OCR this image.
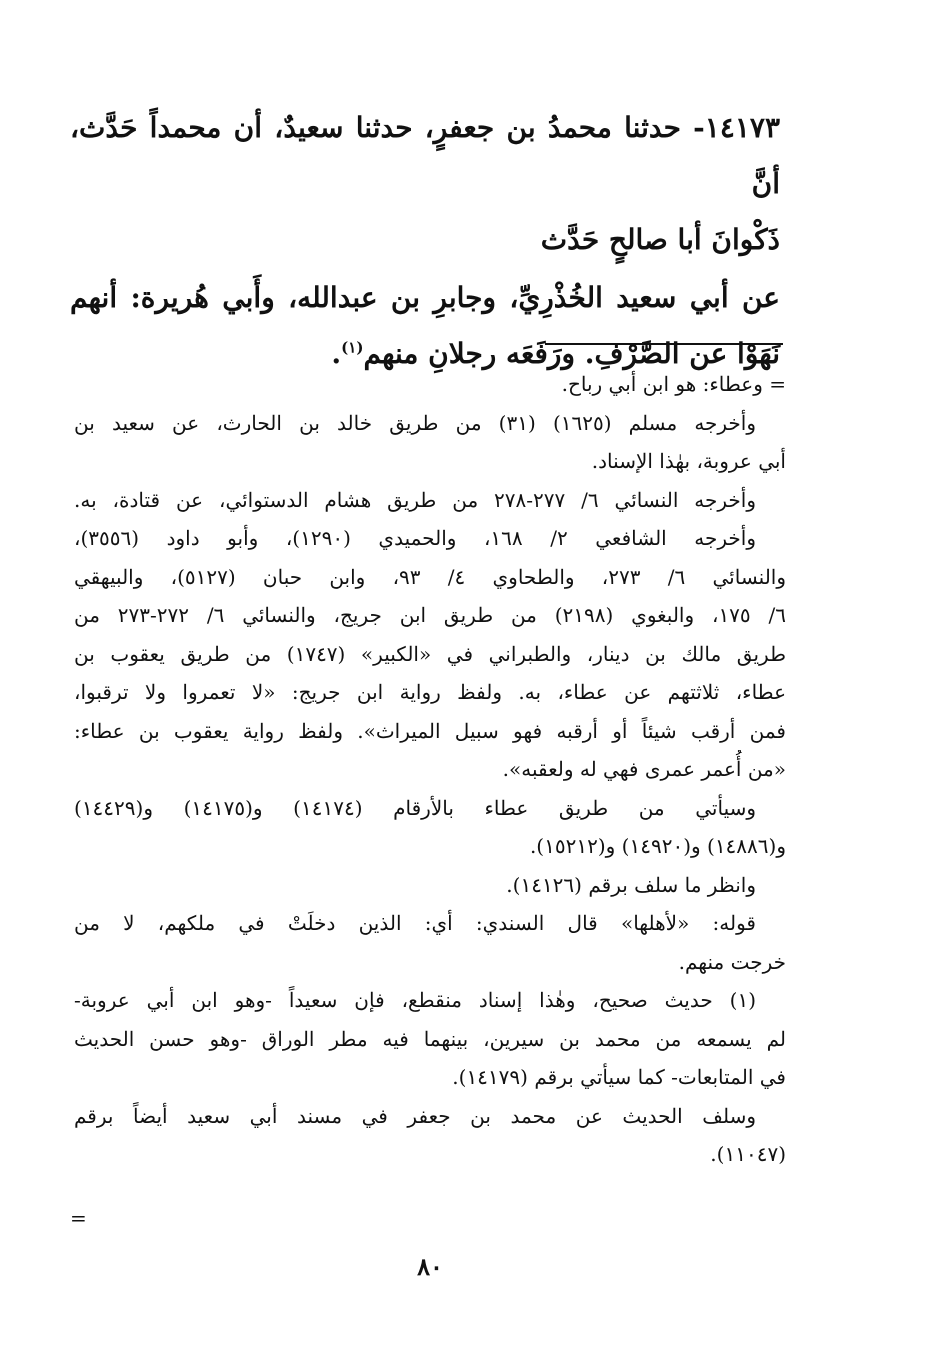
١٤١٧٣- حدثنا محمدُ بن جعفرٍ، حدثنا سعيدٌ، أن محمداً حَدَّث، أنَّ

ذَكْوانَ أبا صالحٍ حَدَّث

عن أبي سعيد الخُذْرِيِّ، وجابرِ بن عبدالله، وأَبي هُريرة: أنهم

نَهَوْا عن الصَّرْفِ. ورَفَعَه رجلانِ منهم$^{(١)}$.

= وعطاء: هو ابن أبي رباح.

وأخرجه مسلم (١٦٢٥) (٣١) من طريق خالد بن الحارث، عن سعيد بن

أبي عروبة، بهٰذا الإسناد.

وأخرجه النسائي ٦/ ٢٧٧-٢٧٨ من طريق هشام الدستوائي، عن قتادة، به.

وأخرجه الشافعي ٢/ ١٦٨، والحميدي (١٢٩٠)، وأبو داود (٣٥٥٦)،

والنسائي ٦/ ٢٧٣، والطحاوي ٤/ ٩٣، وابن حبان (٥١٢٧)، والبيهقي

٦/ ١٧٥، والبغوي (٢١٩٨) من طريق ابن جريج، والنسائي ٦/ ٢٧٢-٢٧٣ من

طريق مالك بن دينار، والطبراني في «الكبير» (١٧٤٧) من طريق يعقوب بن

عطاء، ثلاثتهم عن عطاء، به. ولفظ رواية ابن جريج: «لا تعمروا ولا ترقبوا،

فمن أرقب شيئاً أو أرقبه فهو سبيل الميراث». ولفظ رواية يعقوب بن عطاء:

«من أُعمر عمرى فهي له ولعقبه».

وسيأتي من طريق عطاء بالأرقام (١٤١٧٤) و(١٤١٧٥) و(١٤٤٢٩)

و(١٤٨٨٦) و(١٤٩٢٠) و(١٥٢١٢).

وانظر ما سلف برقم (١٤١٢٦).

قوله: «لأهلها» قال السندي: أي: الذين دخلَتْ في ملكهم، لا من

خرجت منهم.

(١) حديث صحيح، وهٰذا إسناد منقطع، فإن سعيداً -وهو ابن أبي عروبة-

لم يسمعه من محمد بن سيرين، بينهما فيه مطر الوراق -وهو حسن الحديث

في المتابعات- كما سيأتي برقم (١٤١٧٩).

وسلف الحديث عن محمد بن جعفر في مسند أبي سعيد أيضاً برقم

(١١٠٤٧).

=
٨٠
